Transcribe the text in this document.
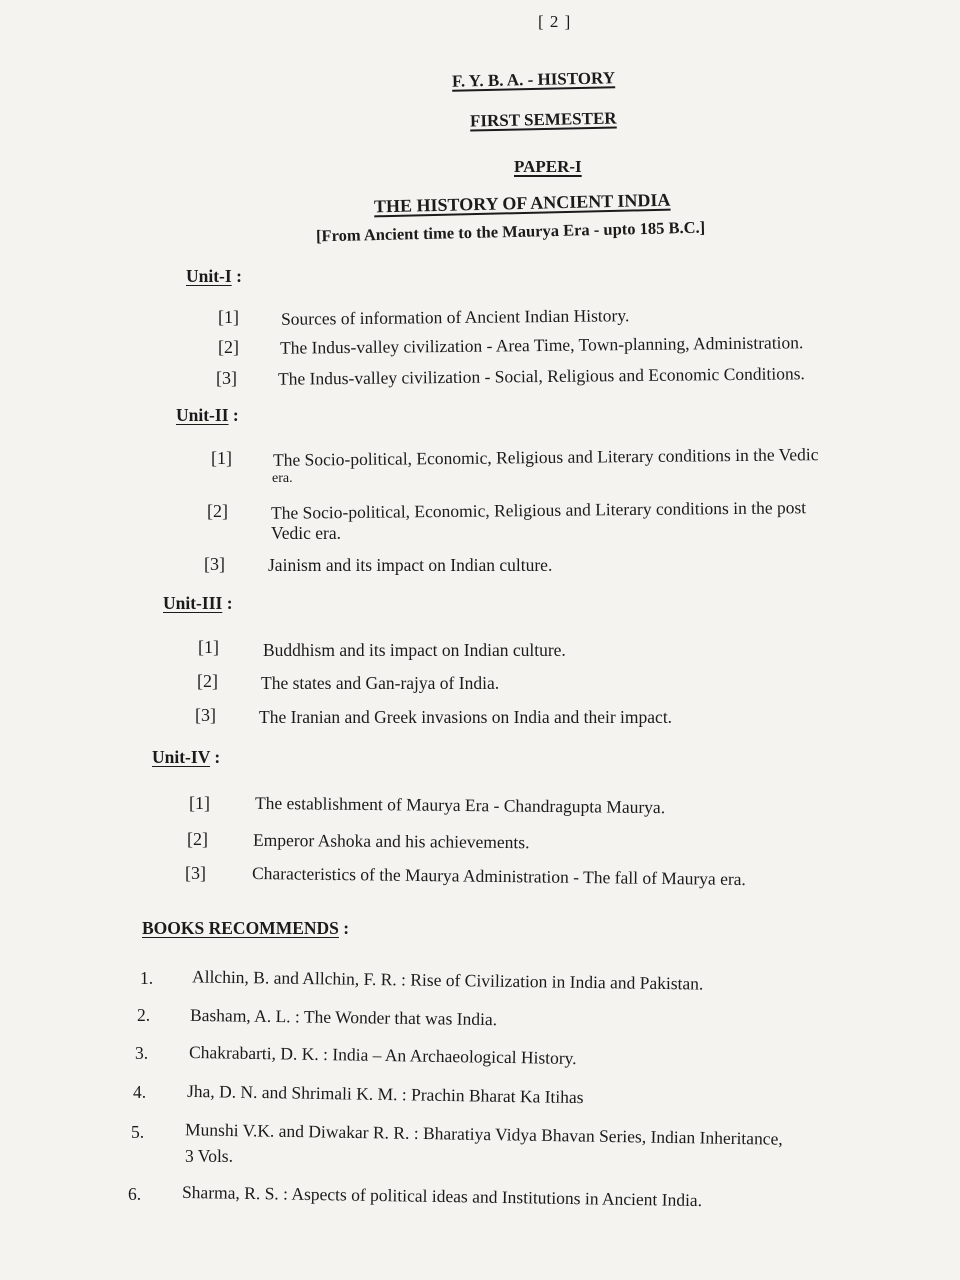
[ 2 ]
F. Y. B. A. - HISTORY
FIRST SEMESTER
PAPER-I
THE HISTORY OF ANCIENT INDIA
[From Ancient time to the Maurya Era - upto 185 B.C.]
Unit-I :
[1] Sources of information of Ancient Indian History.
[2] The Indus-valley civilization - Area Time, Town-planning, Administration.
[3] The Indus-valley civilization - Social, Religious and Economic Conditions.
Unit-II :
[1] The Socio-political, Economic, Religious and Literary conditions in the Vedic
era.
[2] The Socio-political, Economic, Religious and Literary conditions in the post
Vedic era.
[3] Jainism and its impact on Indian culture.
Unit-III :
[1]	Buddhism and its impact on Indian culture.
[2] The states and Gan-rajya of India.
[3] The Iranian and Greek invasions on India and their impact.
Unit-IV :
[1]	The establishment of Maurya Era - Chandragupta Maurya.
[2]	Emperor Ashoka and his achievements.
[3]	Characteristics of the Maurya Administration - The fall of Maurya era.
BOOKS RECOMMENDS :
1. Allchin, B. and Allchin, F. R. : Rise of Civilization in India and Pakistan.
2. Basham, A. L. : The Wonder that was India.
3. Chakrabarti, D. K. : India – An Archaeological History.
4. Jha, D. N. and Shrimali K. M. : Prachin Bharat Ka Itihas
5. Munshi V.K. and Diwakar R. R. : Bharatiya Vidya Bhavan Series, Indian Inheritance,
3 Vols.
6. Sharma, R. S. : Aspects of political ideas and Institutions in Ancient India.
